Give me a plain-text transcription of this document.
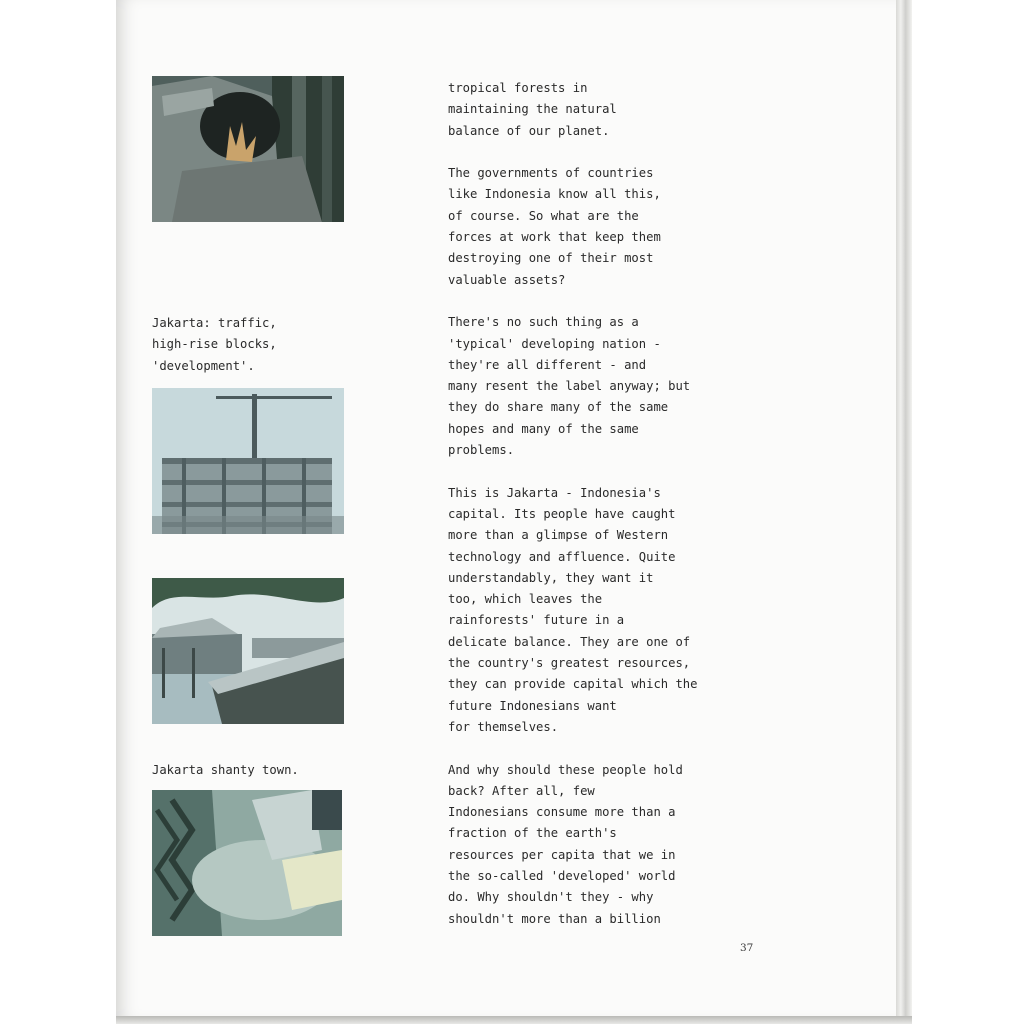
Jakarta: traffic,
high-rise blocks,
'development'.

Jakarta shanty town.

tropical forests in
maintaining the natural
balance of our planet.

The governments of countries
like Indonesia know all this,
of course. So what are the
forces at work that keep them
destroying one of their most
valuable assets?

There's no such thing as a
'typical' developing nation -
they're all different - and
many resent the label anyway; but
they do share many of the same
hopes and many of the same
problems.

This is Jakarta - Indonesia's
capital. Its people have caught
more than a glimpse of Western
technology and affluence. Quite
understandably, they want it
too, which leaves the
rainforests' future in a
delicate balance. They are one of
the country's greatest resources,
they can provide capital which the
future Indonesians want
for themselves.

And why should these people hold
back? After all, few
Indonesians consume more than a
fraction of the earth's
resources per capita that we in
the so-called 'developed' world
do. Why shouldn't they - why
shouldn't more than a billion

37
